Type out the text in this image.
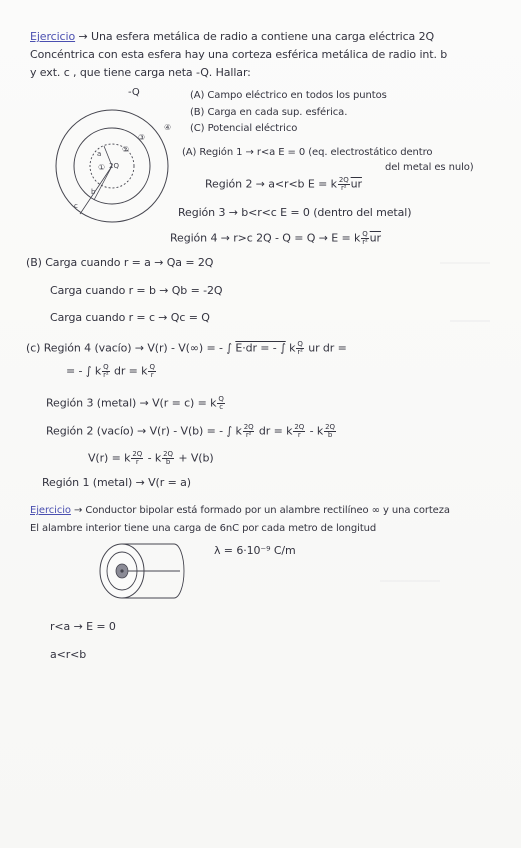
Ejercicio → Una esfera metálica de radio a contiene una carga eléctrica 2Q
Concéntrica con esta esfera hay una corteza esférica metálica de radio int. b
y ext. c , que tiene carga neta -Q. Hallar:
(A) Campo eléctrico en todos los puntos
(B) Carga en cada sup. esférica.
(C) Potencial eléctrico
-Q
a
b
c
2Q
①
②
③
④
(A) Región 1 → r<a E = 0 (eq. electrostático dentro
del metal es nulo)
Región 2 → a<r<b E = k $\frac{2Q}{\text{r²}} \overline{ur}$
Región 3 → b<r<c E = 0 (dentro del metal)
Región 4 → r>c 2Q - Q = Q → E = k $\frac{Q}{\text{r²}} \overline{ur}$
(B) Carga cuando r = a → Qa = 2Q
Carga cuando r = b → Qb = -2Q
Carga cuando r = c → Qc = Q
(c) Región 4 (vacío) → V(r) - V(∞) = - ∫ E·dr = - ∫ k $\frac{Q}{\text{r²}}$ ur dr =
= - ∫ k $\frac{Q}{\text{r²}}$ dr = k $\frac{Q}{r}$
Región 3 (metal) → V(r = c) = k $\frac{Q}{c}$
Región 2 (vacío) → V(r) - V(b) = - ∫ k $\frac{2Q}{\text{r²}}$ dr = k $\frac{2Q}{r}$ - k $\frac{2Q}{b}$
V(r) = k $\frac{2Q}{r} - k \frac{2Q}{b} + V(b)$
Región 1 (metal) → V(r = a)
Ejercicio → Conductor bipolar está formado por un alambre rectilíneo ∞ y una corteza
El alambre interior tiene una carga de 6nC por cada metro de longitud
λ = 6·10⁻⁹ C/m
r<a → E = 0
a<r<b
